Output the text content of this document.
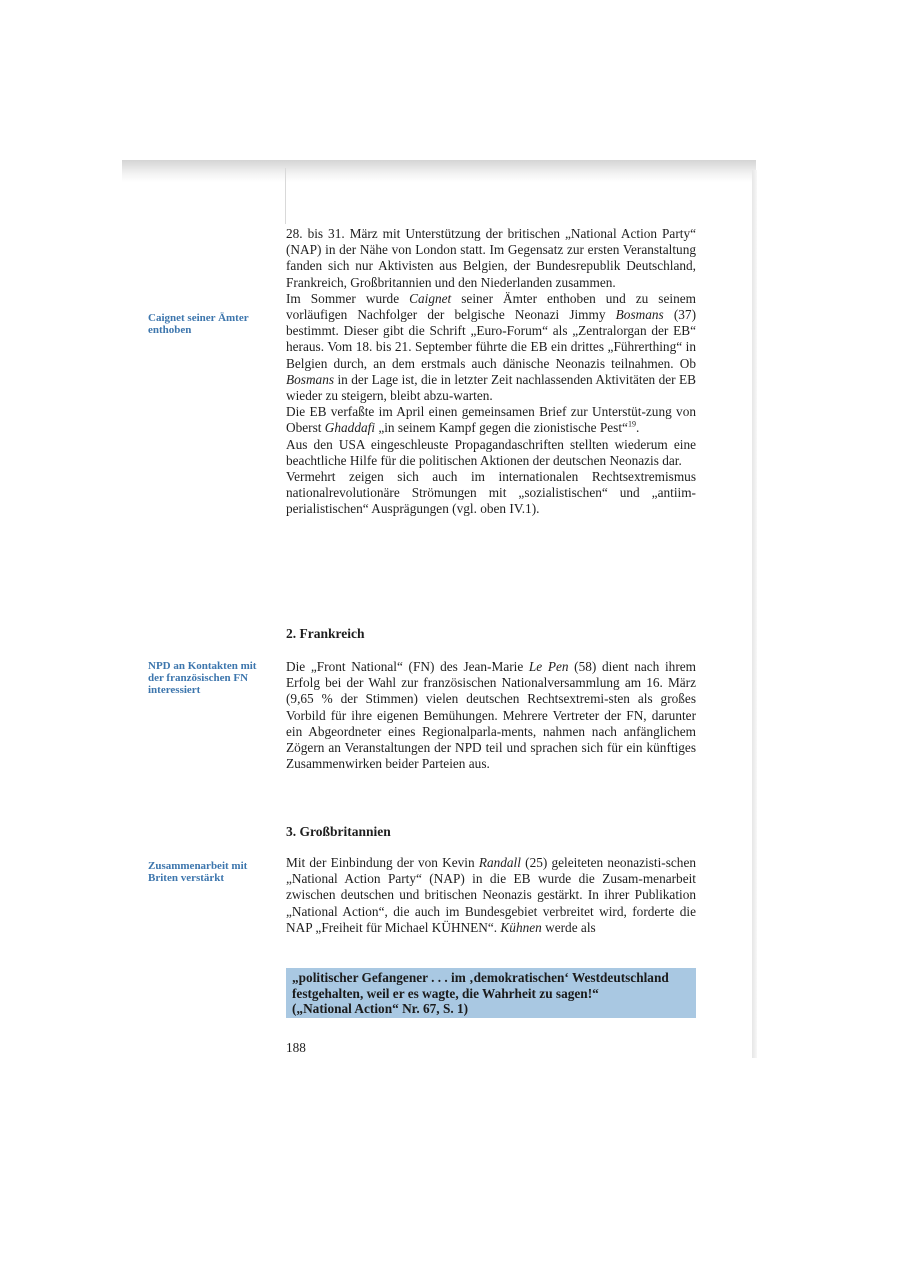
Caignet seiner Ämter enthoben
NPD an Kontakten mit der französischen FN interessiert
Zusammenarbeit mit Briten verstärkt

28. bis 31. März mit Unterstützung der britischen „National Action Party“ (NAP) in der Nähe von London statt. Im Gegensatz zur ersten Veranstaltung fanden sich nur Aktivisten aus Belgien, der Bundesrepublik Deutschland, Frankreich, Großbritannien und den Niederlanden zusammen.

Im Sommer wurde Caignet seiner Ämter enthoben und zu seinem vorläufigen Nachfolger der belgische Neonazi Jimmy Bosmans (37) bestimmt. Dieser gibt die Schrift „Euro-Forum“ als „Zentralorgan der EB“ heraus. Vom 18. bis 21. September führte die EB ein drittes „Führerthing“ in Belgien durch, an dem erstmals auch dänische Neonazis teilnahmen. Ob Bosmans in der Lage ist, die in letzter Zeit nachlassenden Aktivitäten der EB wieder zu steigern, bleibt abzu-warten.

Die EB verfaßte im April einen gemeinsamen Brief zur Unterstüt-zung von Oberst Ghaddafi „in seinem Kampf gegen die zionistische Pest“$^{19}$.

Aus den USA eingeschleuste Propagandaschriften stellten wiederum eine beachtliche Hilfe für die politischen Aktionen der deutschen Neonazis dar.

Vermehrt zeigen sich auch im internationalen Rechtsextremismus nationalrevolutionäre Strömungen mit „sozialistischen“ und „antiim-perialistischen“ Ausprägungen (vgl. oben IV.1).

2. Frankreich

Die „Front National“ (FN) des Jean-Marie Le Pen (58) dient nach ihrem Erfolg bei der Wahl zur französischen Nationalversammlung am 16. März (9,65 % der Stimmen) vielen deutschen Rechtsextremi-sten als großes Vorbild für ihre eigenen Bemühungen. Mehrere Vertreter der FN, darunter ein Abgeordneter eines Regionalparla-ments, nahmen nach anfänglichem Zögern an Veranstaltungen der NPD teil und sprachen sich für ein künftiges Zusammenwirken beider Parteien aus.

3. Großbritannien

Mit der Einbindung der von Kevin Randall (25) geleiteten neonazisti-schen „National Action Party“ (NAP) in die EB wurde die Zusam-menarbeit zwischen deutschen und britischen Neonazis gestärkt. In ihrer Publikation „National Action“, die auch im Bundesgebiet verbreitet wird, forderte die NAP „Freiheit für Michael KÜHNEN“. Kühnen werde als

„politischer Gefangener . . . im ‚demokratischen‘ Westdeutschland festgehalten, weil er es wagte, die Wahrheit zu sagen!“
(„National Action“ Nr. 67, S. 1)
188
